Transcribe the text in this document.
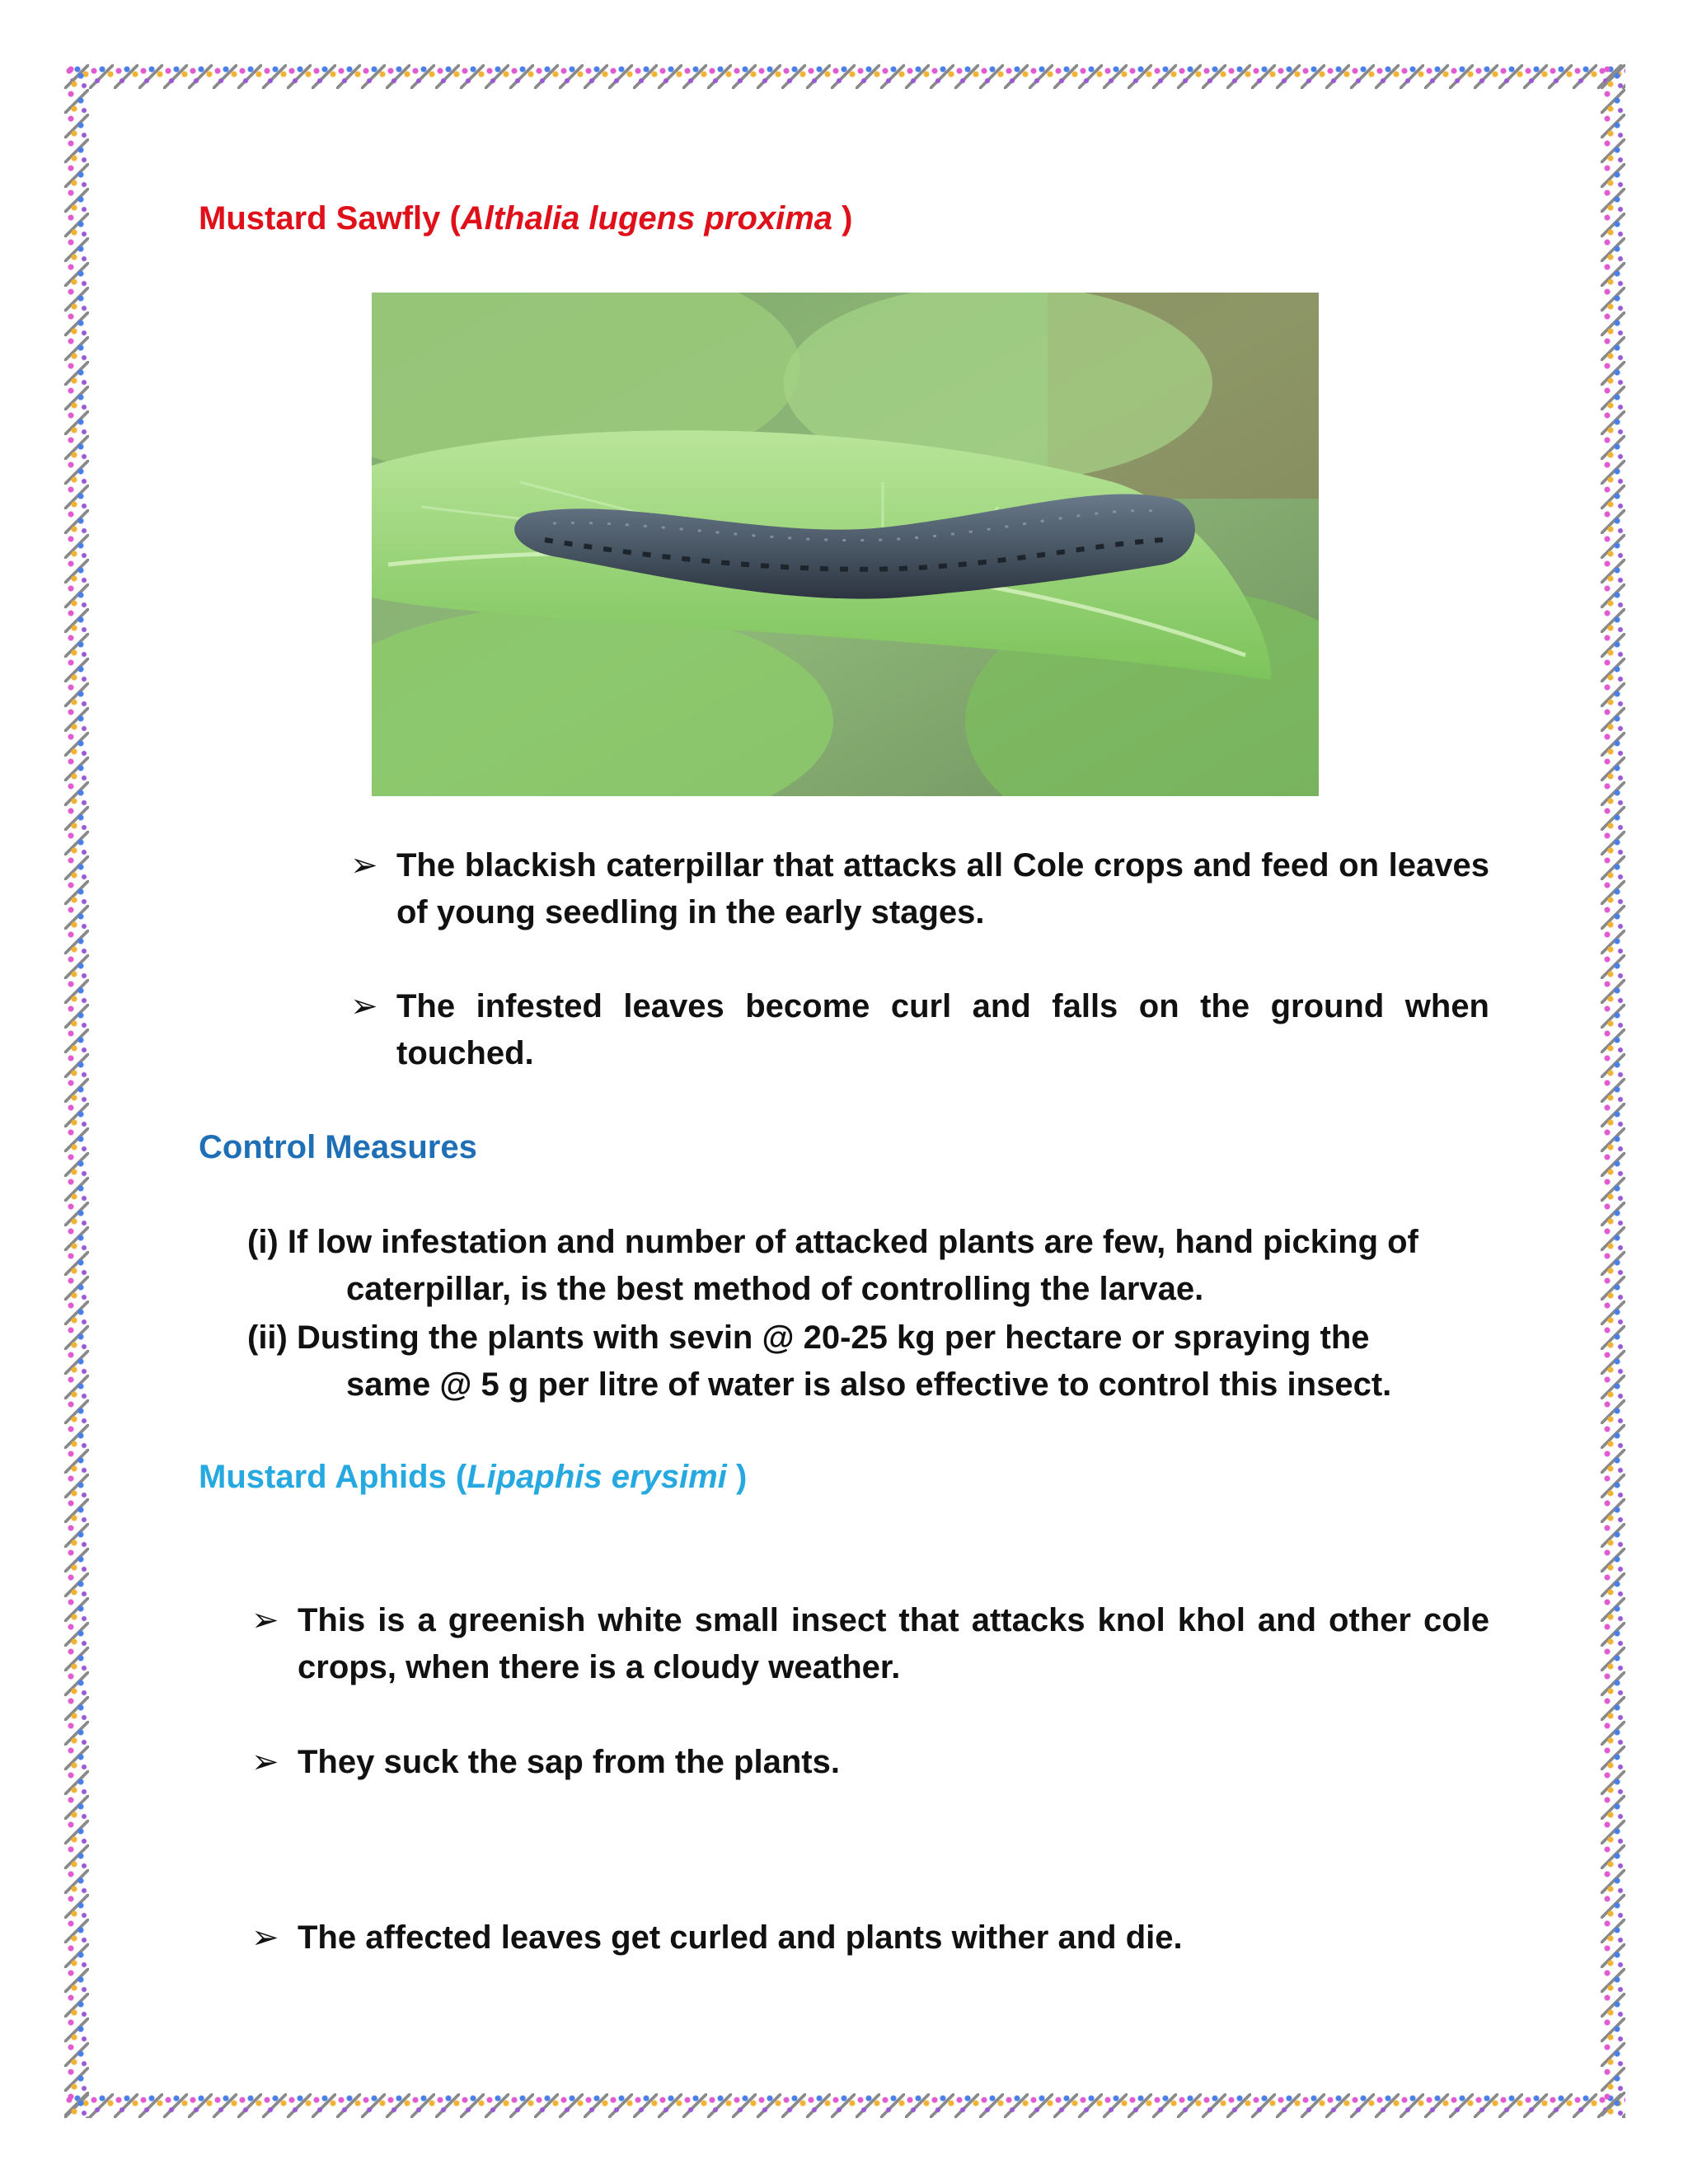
Mustard Sawfly (Althalia lugens proxima )
➢ The blackish caterpillar that attacks all Cole crops and feed on leaves of young seedling in the early stages.
➢ The infested leaves become curl and falls on the ground when touched.
Control Measures
(i) If low infestation and number of attacked plants are few, hand picking of
caterpillar, is the best method of controlling the larvae.
(ii) Dusting the plants with sevin @ 20-25 kg per hectare or spraying the
same @ 5 g per litre of water is also effective to control this insect.
Mustard Aphids (Lipaphis erysimi )
➢ This is a greenish white small insect that attacks knol khol and other cole crops, when there is a cloudy weather.
➢ They suck the sap from the plants.
➢ The affected leaves get curled and plants wither and die.
